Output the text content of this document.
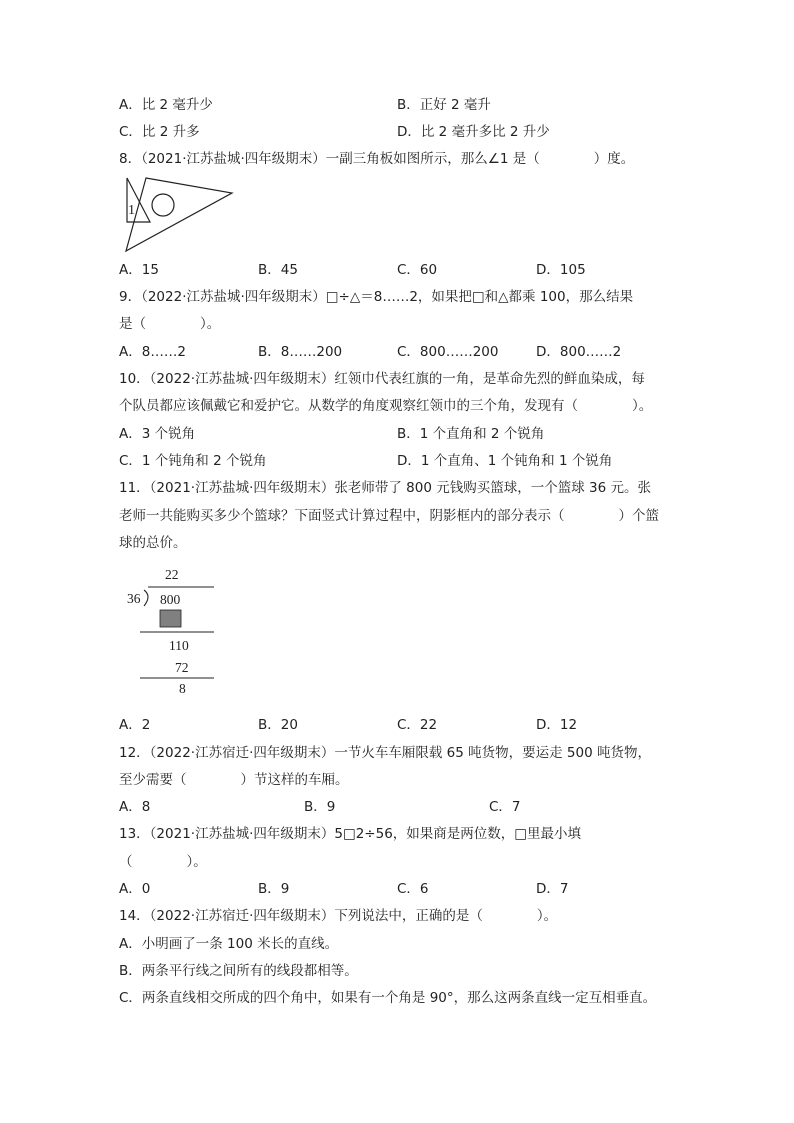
A．比 2 毫升少	B．正好 2 毫升
C．比 2 升多	D．比 2 毫升多比 2 升少
8．（2021·江苏盐城·四年级期末）一副三角板如图所示，那么∠1 是（　　　　）度。
1
A．15	B．45	C．60	D．105
9．（2022·江苏盐城·四年级期末）□÷△＝8……2，如果把□和△都乘 100，那么结果
是（　　　　）。
A．8……2	B．8……200	C．800……200	D．800……2
10．（2022·江苏盐城·四年级期末）红领巾代表红旗的一角，是革命先烈的鲜血染成，每
个队员都应该佩戴它和爱护它。从数学的角度观察红领巾的三个角，发现有（　　　　）。
A．3 个锐角	B．1 个直角和 2 个锐角
C．1 个钝角和 2 个锐角	D．1 个直角、1 个钝角和 1 个锐角
11．（2021·江苏盐城·四年级期末）张老师带了 800 元钱购买篮球，一个篮球 36 元。张
老师一共能购买多少个篮球？下面竖式计算过程中，阴影框内的部分表示（　　　　）个篮
球的总价。
22
36 800
110
72
8
A．2	B．20	C．22	D．12
12．（2022·江苏宿迁·四年级期末）一节火车车厢限载 65 吨货物，要运走 500 吨货物，
至少需要（　　　　）节这样的车厢。
A．8	B．9	C．7
13．（2021·江苏盐城·四年级期末）5□2÷56，如果商是两位数，□里最小填
（　　　　）。
A．0	B．9	C．6	D．7
14．（2022·江苏宿迁·四年级期末）下列说法中，正确的是（　　　　）。
A．小明画了一条 100 米长的直线。
B．两条平行线之间所有的线段都相等。
C．两条直线相交所成的四个角中，如果有一个角是 90°，那么这两条直线一定互相垂直。
